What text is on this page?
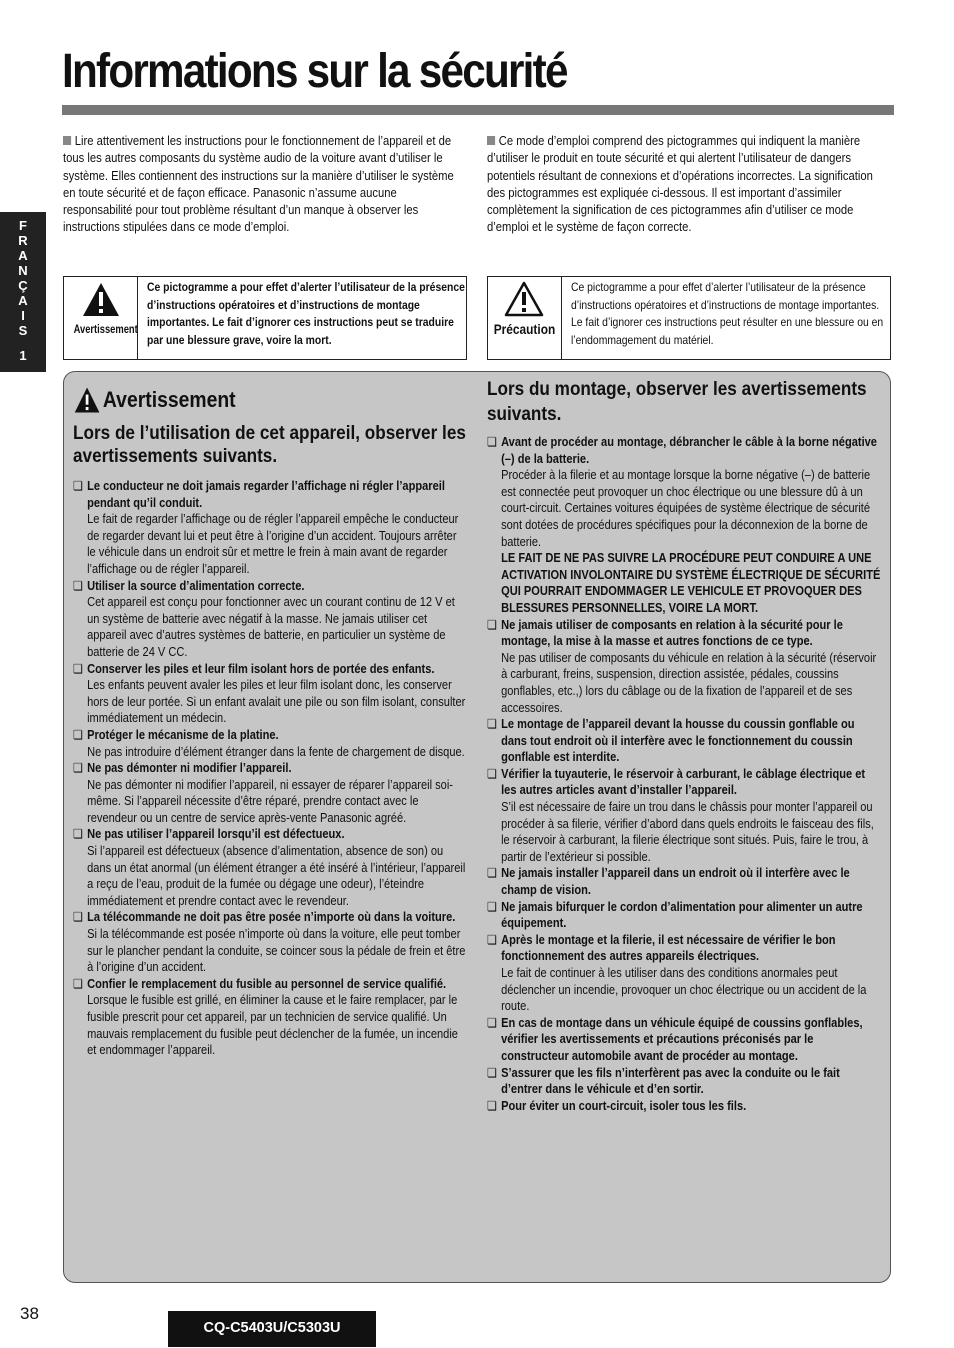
Informations sur la sécurité
F
R
A
N
Ç
A
I
S
1
Lire attentivement les instructions pour le fonctionnement de l’appareil et de tous les autres composants du système audio de la voiture avant d’utiliser le système. Elles contiennent des instructions sur la manière d’utiliser le système en toute sécurité et de façon efficace. Panasonic n’assume aucune responsabilité pour tout problème résultant d’un manque à observer les instructions stipulées dans ce mode d’emploi.
Ce mode d’emploi comprend des pictogrammes qui indiquent la manière d’utiliser le produit en toute sécurité et qui alertent l’utilisateur de dangers potentiels résultant de connexions et d’opérations incorrectes. La signification des pictogrammes est expliquée ci-dessous. Il est important d’assimiler complètement la signification de ces pictogrammes afin d’utiliser ce mode d’emploi et le système de façon correcte.
Avertissement
Ce pictogramme a pour effet d’alerter l’utilisateur de la présence d’instructions opératoires et d’instructions de montage importantes. Le fait d’ignorer ces instructions peut se traduire par une blessure grave, voire la mort.
Précaution
Ce pictogramme a pour effet d’alerter l’utilisateur de la présence d’instructions opératoires et d’instructions de montage importantes. Le fait d’ignorer ces instructions peut résulter en une blessure ou en l’endommagement du matériel.
Avertissement
Lors de l’utilisation de cet appareil, observer les avertissements suivants.
❏ Le conducteur ne doit jamais regarder l’affichage ni régler l’appareil pendant qu’il conduit.
Le fait de regarder l’affichage ou de régler l’appareil empêche le conducteur de regarder devant lui et peut être à l’origine d’un accident. Toujours arrêter le véhicule dans un endroit sûr et mettre le frein à main avant de regarder l’affichage ou de régler l’appareil.
❏ Utiliser la source d’alimentation correcte.
Cet appareil est conçu pour fonctionner avec un courant continu de 12 V et un système de batterie avec négatif à la masse. Ne jamais utiliser cet appareil avec d’autres systèmes de batterie, en particulier un système de batterie de 24 V CC.
❏ Conserver les piles et leur film isolant hors de portée des enfants.
Les enfants peuvent avaler les piles et leur film isolant donc, les conserver hors de leur portée. Si un enfant avalait une pile ou son film isolant, consulter immédiatement un médecin.
❏ Protéger le mécanisme de la platine.
Ne pas introduire d’élément étranger dans la fente de chargement de disque.
❏ Ne pas démonter ni modifier l’appareil.
Ne pas démonter ni modifier l’appareil, ni essayer de réparer l’appareil soi-même. Si l’appareil nécessite d’être réparé, prendre contact avec le revendeur ou un centre de service après-vente Panasonic agréé.
❏ Ne pas utiliser l’appareil lorsqu’il est défectueux.
Si l’appareil est défectueux (absence d’alimentation, absence de son) ou dans un état anormal (un élément étranger a été inséré à l’intérieur, l’appareil a reçu de l’eau, produit de la fumée ou dégage une odeur), l’éteindre immédiatement et prendre contact avec le revendeur.
❏ La télécommande ne doit pas être posée n’importe où dans la voiture.
Si la télécommande est posée n’importe où dans la voiture, elle peut tomber sur le plancher pendant la conduite, se coincer sous la pédale de frein et être à l’origine d’un accident.
❏ Confier le remplacement du fusible au personnel de service qualifié.
Lorsque le fusible est grillé, en éliminer la cause et le faire remplacer, par le fusible prescrit pour cet appareil, par un technicien de service qualifié. Un mauvais remplacement du fusible peut déclencher de la fumée, un incendie et endommager l’appareil.
Lors du montage, observer les avertissements suivants.
❏ Avant de procéder au montage, débrancher le câble à la borne négative (–) de la batterie.
Procéder à la filerie et au montage lorsque la borne négative (–) de batterie est connectée peut provoquer un choc électrique ou une blessure dû à un court-circuit. Certaines voitures équipées de système électrique de sécurité sont dotées de procédures spécifiques pour la déconnexion de la borne de batterie.
LE FAIT DE NE PAS SUIVRE LA PROCÉDURE PEUT CONDUIRE A UNE ACTIVATION INVOLONTAIRE DU SYSTÈME ÉLECTRIQUE DE SÉCURITÉ QUI POURRAIT ENDOMMAGER LE VEHICULE ET PROVOQUER DES BLESSURES PERSONNELLES, VOIRE LA MORT.
❏ Ne jamais utiliser de composants en relation à la sécurité pour le montage, la mise à la masse et autres fonctions de ce type.
Ne pas utiliser de composants du véhicule en relation à la sécurité (réservoir à carburant, freins, suspension, direction assistée, pédales, coussins gonflables, etc.,) lors du câblage ou de la fixation de l’appareil et de ses accessoires.
❏ Le montage de l’appareil devant la housse du coussin gonflable ou dans tout endroit où il interfère avec le fonctionnement du coussin gonflable est interdite.
❏ Vérifier la tuyauterie, le réservoir à carburant, le câblage électrique et les autres articles avant d’installer l’appareil.
S’il est nécessaire de faire un trou dans le châssis pour monter l’appareil ou procéder à sa filerie, vérifier d’abord dans quels endroits le faisceau des fils, le réservoir à carburant, la filerie électrique sont situés. Puis, faire le trou, à partir de l’extérieur si possible.
❏ Ne jamais installer l’appareil dans un endroit où il interfère avec le champ de vision.
❏ Ne jamais bifurquer le cordon d’alimentation pour alimenter un autre équipement.
❏ Après le montage et la filerie, il est nécessaire de vérifier le bon fonctionnement des autres appareils électriques.
Le fait de continuer à les utiliser dans des conditions anormales peut déclencher un incendie, provoquer un choc électrique ou un accident de la route.
❏ En cas de montage dans un véhicule équipé de coussins gonflables, vérifier les avertissements et précautions préconisés par le constructeur automobile avant de procéder au montage.
❏ S’assurer que les fils n’interfèrent pas avec la conduite ou le fait d’entrer dans le véhicule et d’en sortir.
❏ Pour éviter un court-circuit, isoler tous les fils.
38
CQ-C5403U/C5303U
